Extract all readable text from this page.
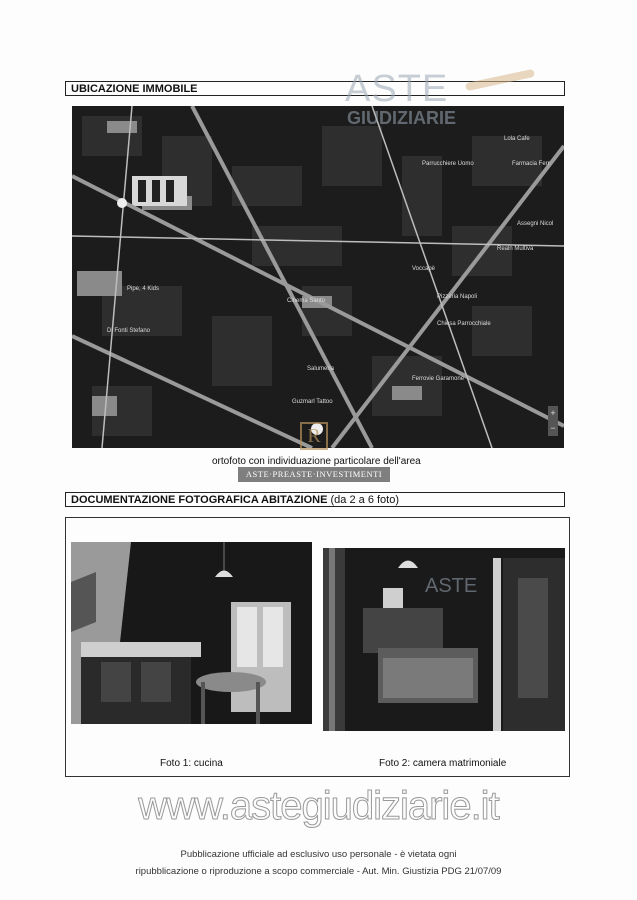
UBICAZIONE IMMOBILE
+
−
Lola Cafe
Parrucchiere Uomo	Farmacia Ferr
Assegni Nicol
Realn Multiva
Voccapè
Di Fonti Stefano
Cinema Santo
Salumeria
Chiesa Parrocchiale
Pizzeria Napoli
Ferrovie Garamone
Guzmarl Tattoo
Pipe, 4 Kids
ASTE
GIUDIZIARIE
ortofoto con individuazione particolare dell'area
R
ASTE·PREASTE·INVESTIMENTI
DOCUMENTAZIONE FOTOGRAFICA ABITAZIONE (da 2 a 6 foto)
ASTE
Foto 1: cucina	Foto 2: camera matrimoniale
www.astegiudiziarie.it
Pubblicazione ufficiale ad esclusivo uso personale - è vietata ogni
ripubblicazione o riproduzione a scopo commerciale - Aut. Min. Giustizia PDG 21/07/09
